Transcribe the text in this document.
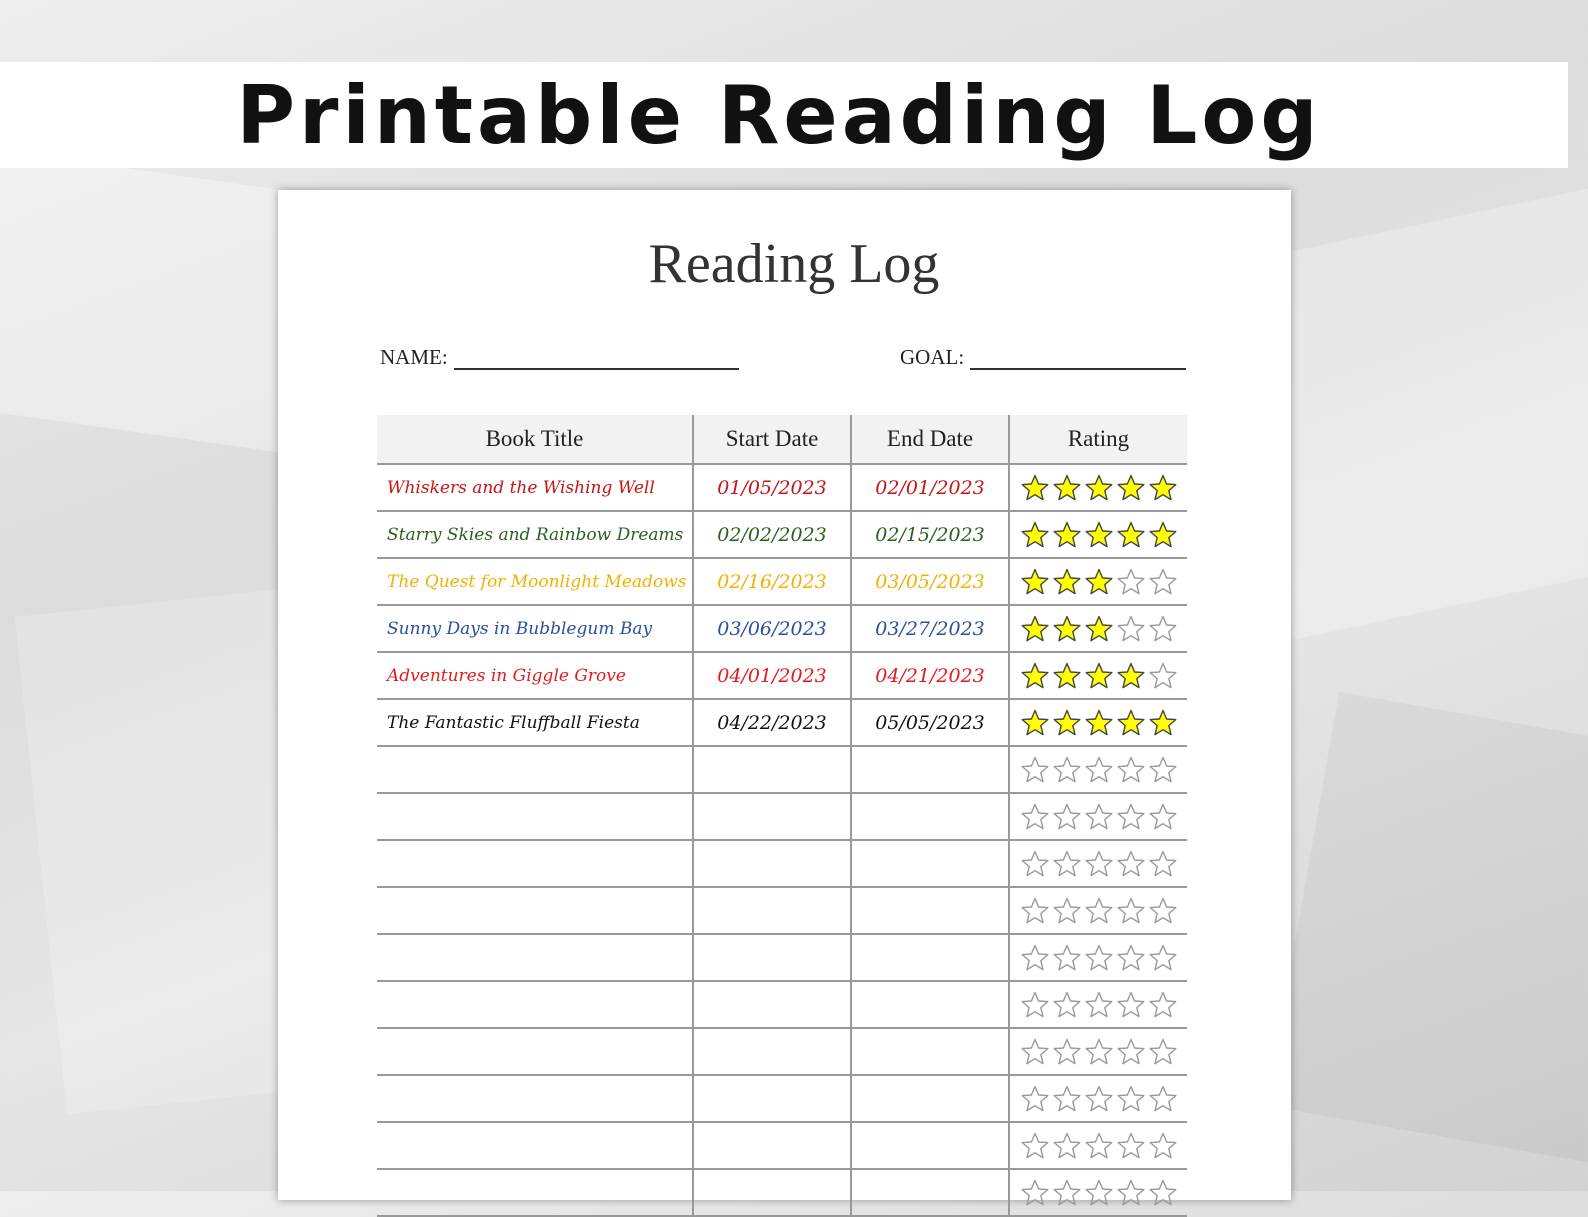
Printable Reading Log
Reading Log
NAME:	GOAL:
Book Title	Start Date	End Date	Rating
Whiskers and the Wishing Well	01/05/2023	02/01/2023	
Starry Skies and Rainbow Dreams	02/02/2023	02/15/2023	
The Quest for Moonlight Meadows	02/16/2023	03/05/2023	
Sunny Days in Bubblegum Bay	03/06/2023	03/27/2023	
Adventures in Giggle Grove	04/01/2023	04/21/2023	
The Fantastic Fluffball Fiesta	04/22/2023	05/05/2023	
